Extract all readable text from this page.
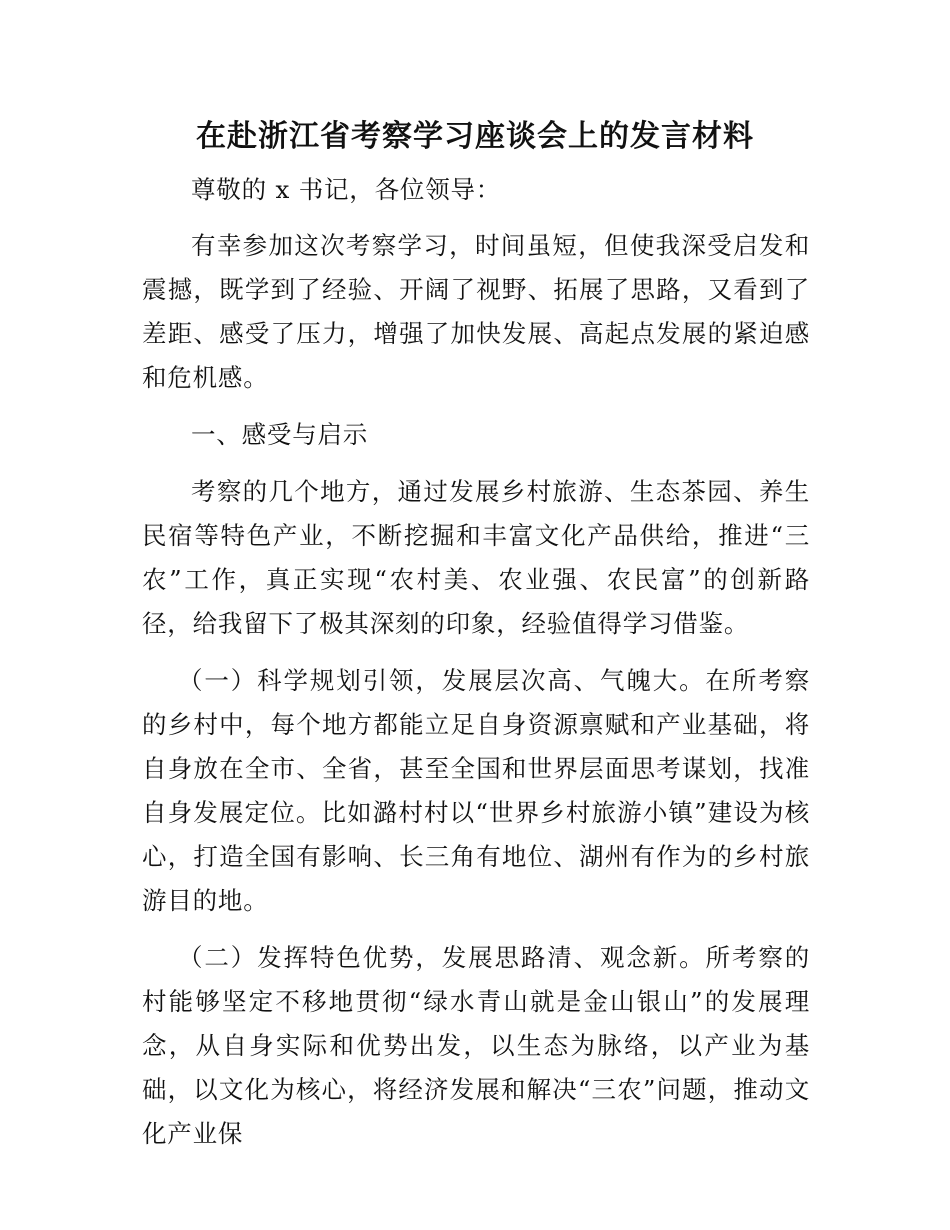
在赴浙江省考察学习座谈会上的发言材料

尊敬的 x 书记，各位领导：

有幸参加这次考察学习，时间虽短，但使我深受启发和震撼，既学到了经验、开阔了视野、拓展了思路，又看到了差距、感受了压力，增强了加快发展、高起点发展的紧迫感和危机感。

一、感受与启示

考察的几个地方，通过发展乡村旅游、生态茶园、养生民宿等特色产业，不断挖掘和丰富文化产品供给，推进“三农”工作，真正实现“农村美、农业强、农民富”的创新路径，给我留下了极其深刻的印象，经验值得学习借鉴。

（一）科学规划引领，发展层次高、气魄大。在所考察的乡村中，每个地方都能立足自身资源禀赋和产业基础，将自身放在全市、全省，甚至全国和世界层面思考谋划，找准自身发展定位。比如潞村村以“世界乡村旅游小镇”建设为核心，打造全国有影响、长三角有地位、湖州有作为的乡村旅游目的地。

（二）发挥特色优势，发展思路清、观念新。所考察的村能够坚定不移地贯彻“绿水青山就是金山银山”的发展理念，从自身实际和优势出发，以生态为脉络，以产业为基础，以文化为核心，将经济发展和解决“三农”问题，推动文化产业保
